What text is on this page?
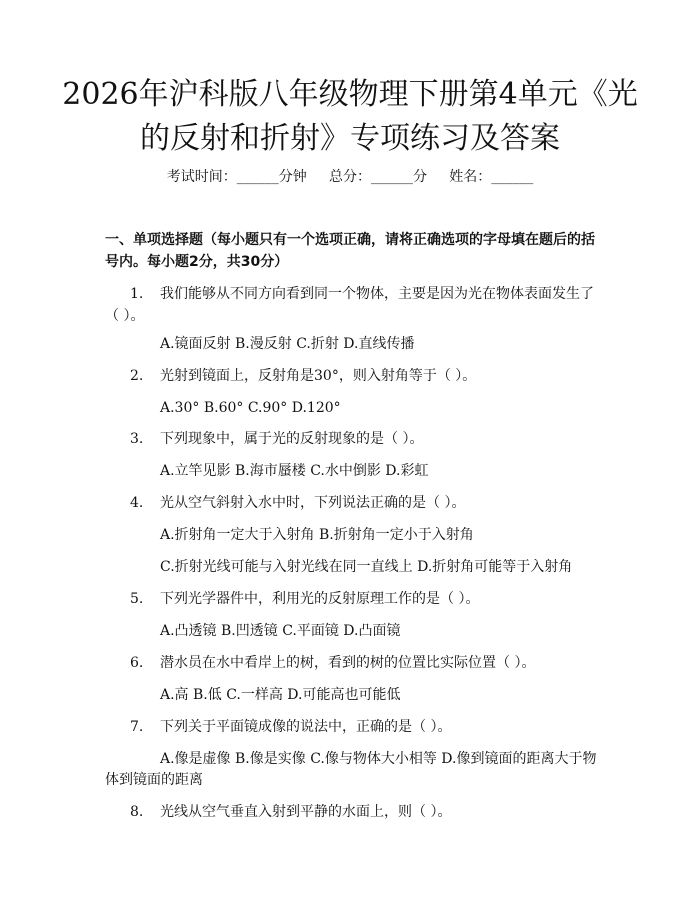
2026年沪科版八年级物理下册第4单元《光
的反射和折射》专项练习及答案
考试时间：______分钟     总分：______分     姓名：______
一、单项选择题（每小题只有一个选项正确，请将正确选项的字母填在题后的括
号内。每小题2分，共30分）
1. 我们能够从不同方向看到同一个物体，主要是因为光在物体表面发生了
（ ）。
A.镜面反射 B.漫反射 C.折射 D.直线传播
2. 光射到镜面上，反射角是30°，则入射角等于（ ）。
A.30° B.60° C.90° D.120°
3. 下列现象中，属于光的反射现象的是（ ）。
A.立竿见影 B.海市蜃楼 C.水中倒影 D.彩虹
4. 光从空气斜射入水中时，下列说法正确的是（ ）。
A.折射角一定大于入射角 B.折射角一定小于入射角
C.折射光线可能与入射光线在同一直线上 D.折射角可能等于入射角
5. 下列光学器件中，利用光的反射原理工作的是（ ）。
A.凸透镜 B.凹透镜 C.平面镜 D.凸面镜
6. 潜水员在水中看岸上的树，看到的树的位置比实际位置（ ）。
A.高 B.低 C.一样高 D.可能高也可能低
7. 下列关于平面镜成像的说法中，正确的是（ ）。
A.像是虚像 B.像是实像 C.像与物体大小相等 D.像到镜面的距离大于物
体到镜面的距离
8. 光线从空气垂直入射到平静的水面上，则（ ）。
